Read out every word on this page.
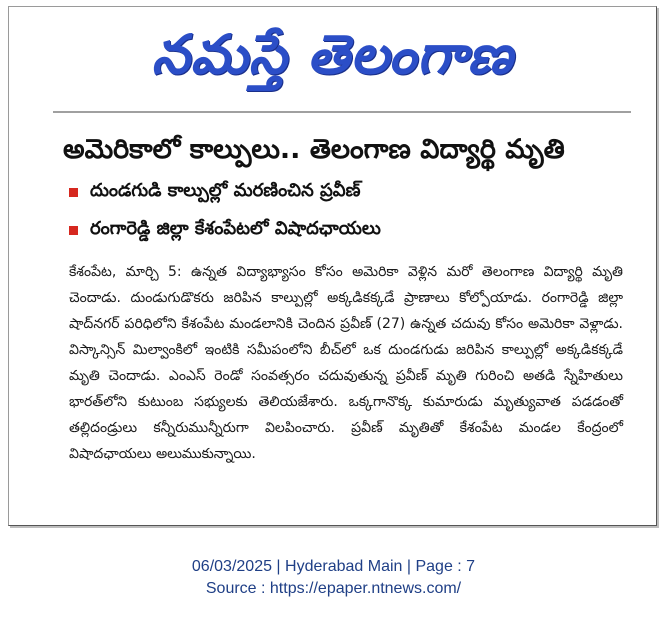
నమస్తే తెలంగాణ
అమెరికాలో కాల్పులు.. తెలంగాణ విద్యార్థి మృతి
దుండగుడి కాల్పుల్లో మరణించిన ప్రవీణ్
రంగారెడ్డి జిల్లా కేశంపేటలో విషాదఛాయలు
కేశంపేట, మార్చి 5: ఉన్నత విద్యాభ్యాసం కోసం అమెరికా వెళ్లిన మరో తెలంగాణ విద్యార్థి మృతి చెందాడు. దుండుగుడొకరు జరిపిన కాల్పుల్లో అక్కడికక్కడే ప్రాణాలు కోల్పోయాడు. రంగారెడ్డి జిల్లా షాద్‌నగర్ పరిధిలోని కేశంపేట మండలానికి చెందిన ప్రవీణ్ (27) ఉన్నత చదువు కోసం అమెరికా వెళ్లాడు. విస్కాన్సిన్ మిల్వాంకిలో ఇంటికి సమీపంలోని బీచ్‌లో ఒక దుండగుడు జరిపిన కాల్పుల్లో అక్కడికక్కడే మృతి చెందాడు. ఎంఎస్ రెండో సంవత్సరం చదువుతున్న ప్రవీణ్ మృతి గురించి అతడి స్నేహితులు భారత్‌లోని కుటుంబ సభ్యులకు తెలియజేశారు. ఒక్కగానొక్క కుమారుడు మృత్యువాత పడడంతో తల్లిదండ్రులు కన్నీరుమున్నీరుగా విలపించారు. ప్రవీణ్ మృతితో కేశంపేట మండల కేంద్రంలో విషాదఛాయలు అలుముకున్నాయి.
06/03/2025 | Hyderabad Main | Page : 7
Source : https://epaper.ntnews.com/
